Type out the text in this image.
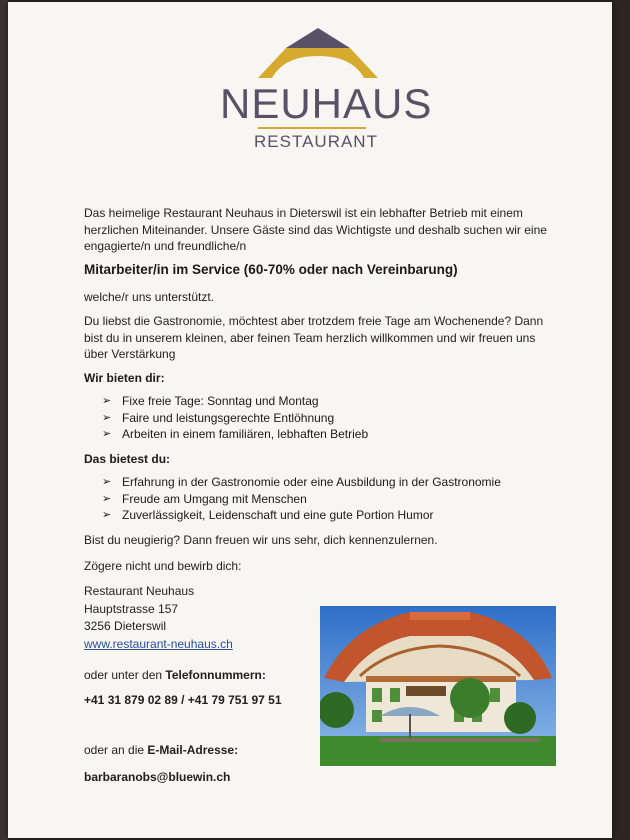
NEUHAUS
RESTAURANT
Das heimelige Restaurant Neuhaus in Dieterswil ist ein lebhafter Betrieb mit einem herzlichen Miteinander. Unsere Gäste sind das Wichtigste und deshalb suchen wir eine engagierte/n und freundliche/n
Mitarbeiter/in im Service (60-70% oder nach Vereinbarung)
welche/r uns unterstützt.
Du liebst die Gastronomie, möchtest aber trotzdem freie Tage am Wochenende? Dann bist du in unserem kleinen, aber feinen Team herzlich willkommen und wir freuen uns über Verstärkung
Wir bieten dir:
➢ Fixe freie Tage: Sonntag und Montag
➢ Faire und leistungsgerechte Entlöhnung
➢ Arbeiten in einem familiären, lebhaften Betrieb
Das bietest du:
➢ Erfahrung in der Gastronomie oder eine Ausbildung in der Gastronomie
➢ Freude am Umgang mit Menschen
➢ Zuverlässigkeit, Leidenschaft und eine gute Portion Humor
Bist du neugierig? Dann freuen wir uns sehr, dich kennenzulernen.
Zögere nicht und bewirb dich:
Restaurant Neuhaus
Hauptstrasse 157
3256 Dieterswil
www.restaurant-neuhaus.ch
oder unter den Telefonnummern:
+41 31 879 02 89 / +41 79 751 97 51
oder an die E-Mail-Adresse:
barbaranobs@bluewin.ch
